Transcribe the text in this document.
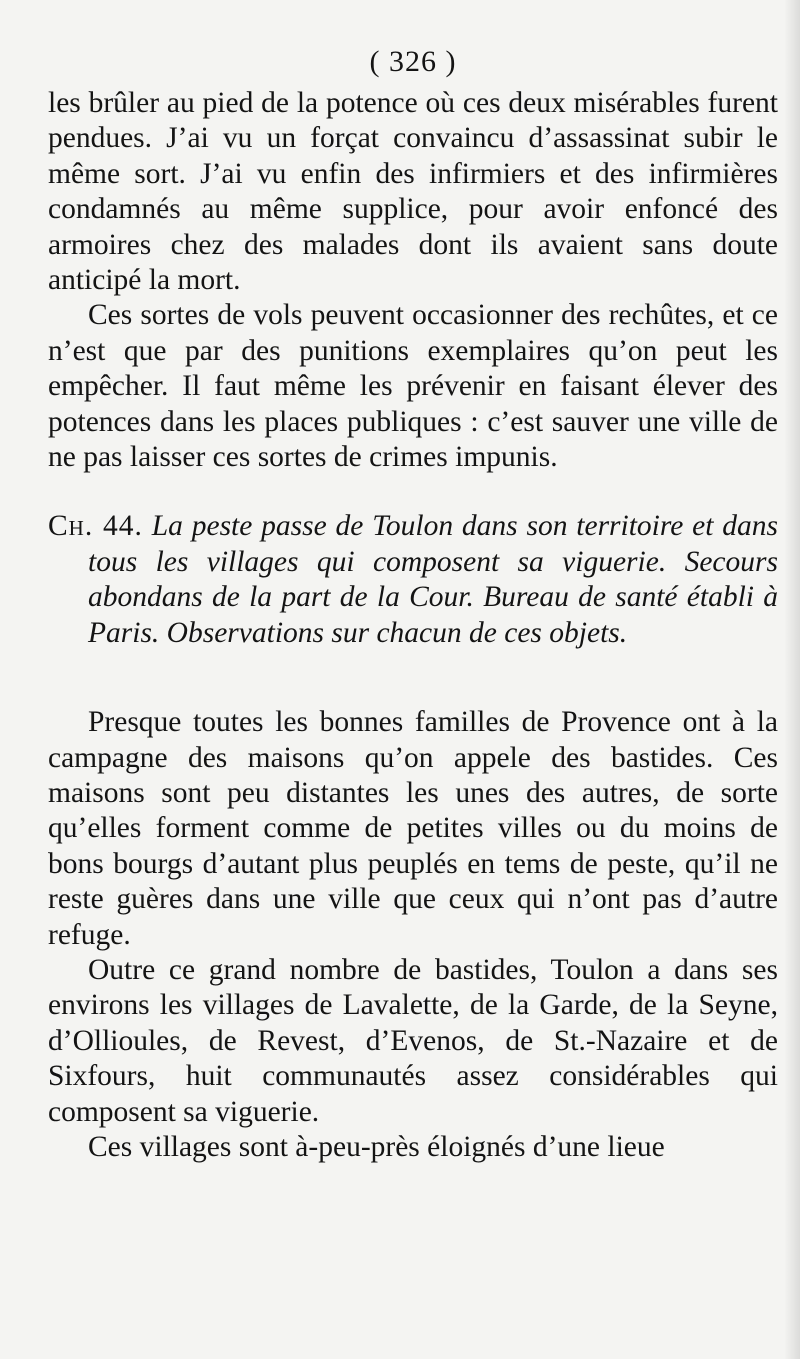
( 326 )

les brûler au pied de la potence où ces deux misérables furent pendues. J’ai vu un forçat convaincu d’assassinat subir le même sort. J’ai vu enfin des infirmiers et des infirmières condamnés au même supplice, pour avoir enfoncé des armoires chez des malades dont ils avaient sans doute anticipé la mort.

Ces sortes de vols peuvent occasionner des rechûtes, et ce n’est que par des punitions exemplaires qu’on peut les empêcher. Il faut même les prévenir en faisant élever des potences dans les places publiques : c’est sauver une ville de ne pas laisser ces sortes de crimes impunis.

Ch. 44. La peste passe de Toulon dans son territoire et dans tous les villages qui composent sa viguerie. Secours abondans de la part de la Cour. Bureau de santé établi à Paris. Observations sur chacun de ces objets.

Presque toutes les bonnes familles de Provence ont à la campagne des maisons qu’on appele des bastides. Ces maisons sont peu distantes les unes des autres, de sorte qu’elles forment comme de petites villes ou du moins de bons bourgs d’autant plus peuplés en tems de peste, qu’il ne reste guères dans une ville que ceux qui n’ont pas d’autre refuge.

Outre ce grand nombre de bastides, Toulon a dans ses environs les villages de Lavalette, de la Garde, de la Seyne, d’Ollioules, de Revest, d’Evenos, de St.-Nazaire et de Sixfours, huit communautés assez considérables qui composent sa viguerie.

Ces villages sont à-peu-près éloignés d’une lieue
